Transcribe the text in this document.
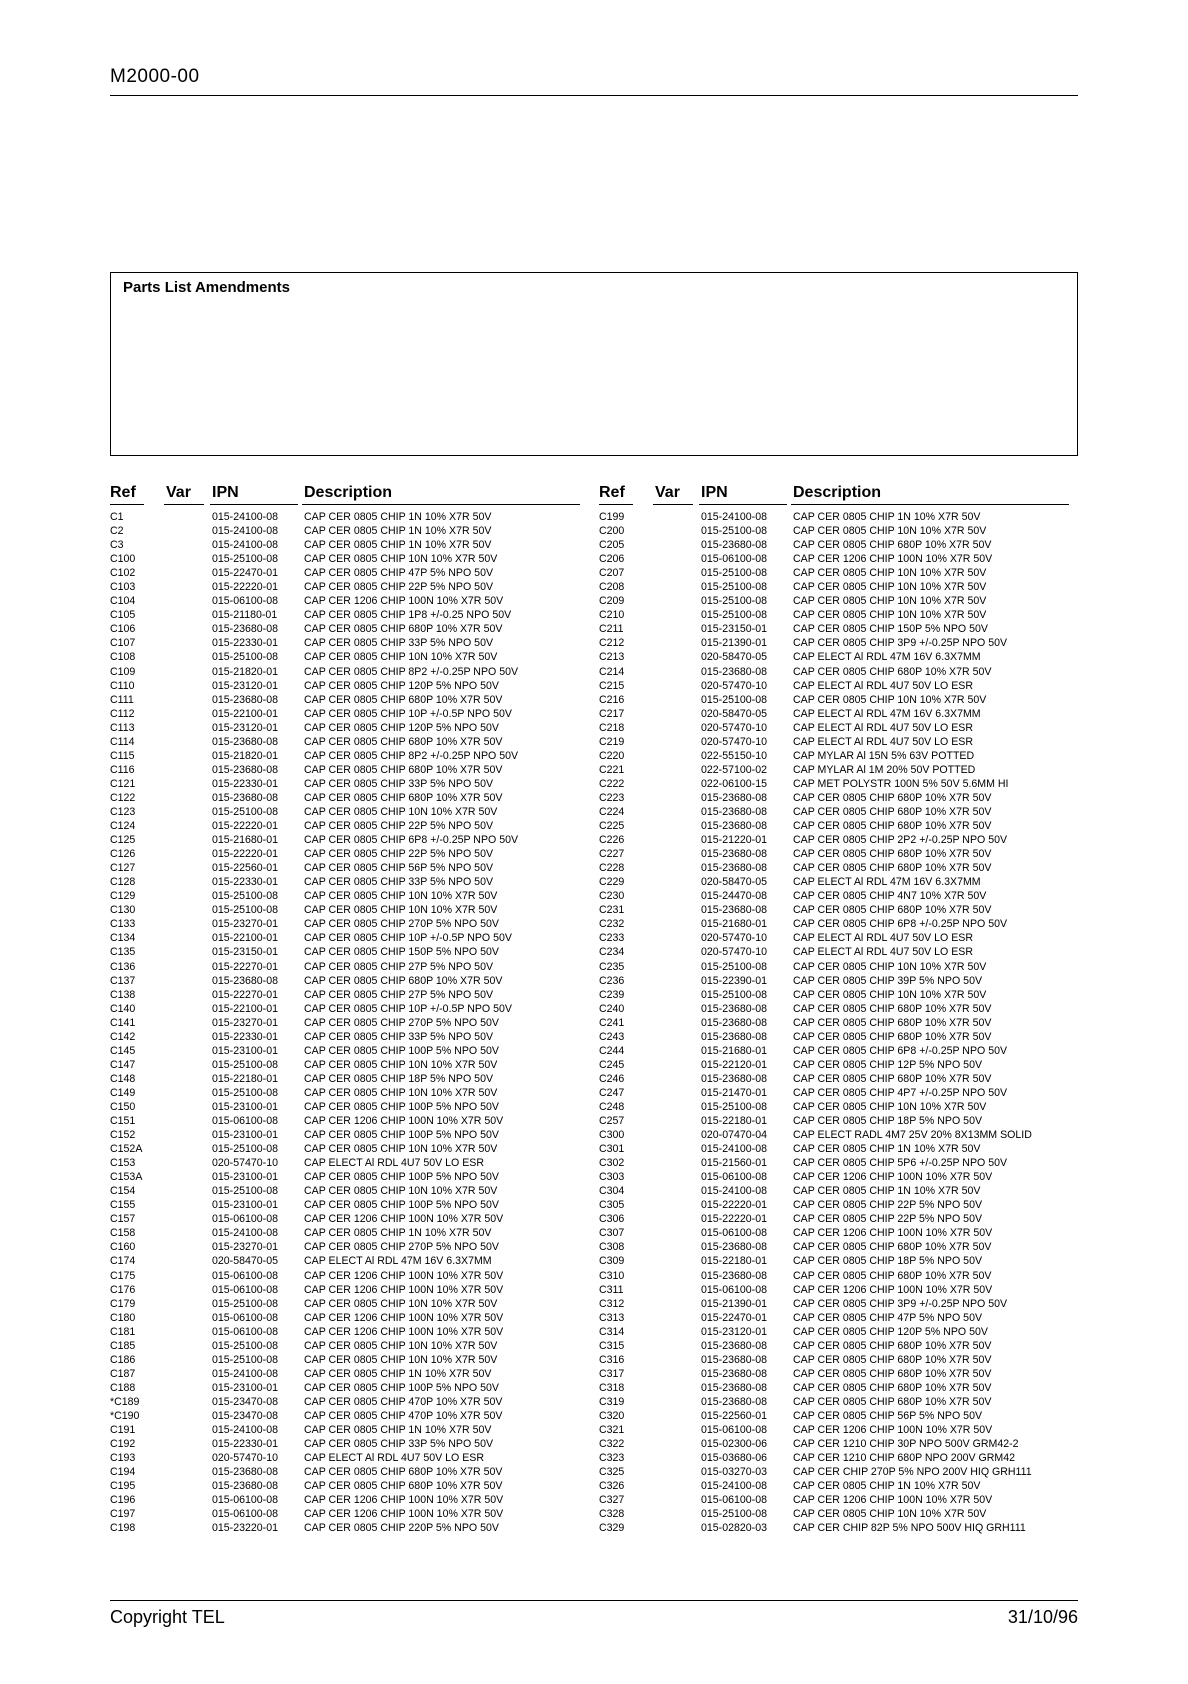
M2000-00
Parts List Amendments
Ref Var IPN	Description
C1	015-24100-08 CAP CER 0805 CHIP 1N 10% X7R 50V
C2	015-24100-08 CAP CER 0805 CHIP 1N 10% X7R 50V
C3	015-24100-08 CAP CER 0805 CHIP 1N 10% X7R 50V
C100	015-25100-08 CAP CER 0805 CHIP 10N 10% X7R 50V
C102	015-22470-01 CAP CER 0805 CHIP 47P 5% NPO 50V
C103	015-22220-01 CAP CER 0805 CHIP 22P 5% NPO 50V
C104	015-06100-08 CAP CER 1206 CHIP 100N 10% X7R 50V
C105	015-21180-01	CAP CER 0805 CHIP 1P8 +/-0.25 NPO 50V
C106	015-23680-08 CAP CER 0805 CHIP 680P 10% X7R 50V
C107	015-22330-01 CAP CER 0805 CHIP 33P 5% NPO 50V
C108	015-25100-08 CAP CER 0805 CHIP 10N 10% X7R 50V
C109	015-21820-01 CAP CER 0805 CHIP 8P2 +/-0.25P NPO 50V
C110	015-23120-01 CAP CER 0805 CHIP 120P 5% NPO 50V
C111	015-23680-08 CAP CER 0805 CHIP 680P 10% X7R 50V
C112	015-22100-01 CAP CER 0805 CHIP 10P +/-0.5P NPO 50V
C113	015-23120-01 CAP CER 0805 CHIP 120P 5% NPO 50V
C114	015-23680-08 CAP CER 0805 CHIP 680P 10% X7R 50V
C115	015-21820-01 CAP CER 0805 CHIP 8P2 +/-0.25P NPO 50V
C116	015-23680-08 CAP CER 0805 CHIP 680P 10% X7R 50V
C121	015-22330-01 CAP CER 0805 CHIP 33P 5% NPO 50V
C122	015-23680-08 CAP CER 0805 CHIP 680P 10% X7R 50V
C123	015-25100-08 CAP CER 0805 CHIP 10N 10% X7R 50V
C124	015-22220-01 CAP CER 0805 CHIP 22P 5% NPO 50V
C125	015-21680-01 CAP CER 0805 CHIP 6P8 +/-0.25P NPO 50V
C126	015-22220-01 CAP CER 0805 CHIP 22P 5% NPO 50V
C127	015-22560-01 CAP CER 0805 CHIP 56P 5% NPO 50V
C128	015-22330-01 CAP CER 0805 CHIP 33P 5% NPO 50V
C129	015-25100-08 CAP CER 0805 CHIP 10N 10% X7R 50V
C130	015-25100-08 CAP CER 0805 CHIP 10N 10% X7R 50V
C133	015-23270-01 CAP CER 0805 CHIP 270P 5% NPO 50V
C134	015-22100-01 CAP CER 0805 CHIP 10P +/-0.5P NPO 50V
C135	015-23150-01 CAP CER 0805 CHIP 150P 5% NPO 50V
C136	015-22270-01 CAP CER 0805 CHIP 27P 5% NPO 50V
C137	015-23680-08 CAP CER 0805 CHIP 680P 10% X7R 50V
C138	015-22270-01 CAP CER 0805 CHIP 27P 5% NPO 50V
C140	015-22100-01 CAP CER 0805 CHIP 10P +/-0.5P NPO 50V
C141	015-23270-01 CAP CER 0805 CHIP 270P 5% NPO 50V
C142	015-22330-01 CAP CER 0805 CHIP 33P 5% NPO 50V
C145	015-23100-01 CAP CER 0805 CHIP 100P 5% NPO 50V
C147	015-25100-08 CAP CER 0805 CHIP 10N 10% X7R 50V
C148	015-22180-01 CAP CER 0805 CHIP 18P 5% NPO 50V
C149	015-25100-08 CAP CER 0805 CHIP 10N 10% X7R 50V
C150	015-23100-01 CAP CER 0805 CHIP 100P 5% NPO 50V
C151	015-06100-08 CAP CER 1206 CHIP 100N 10% X7R 50V
C152	015-23100-01 CAP CER 0805 CHIP 100P 5% NPO 50V
C152A	015-25100-08 CAP CER 0805 CHIP 10N 10% X7R 50V
C153	020-57470-10 CAP ELECT Al RDL 4U7 50V LO ESR
C153A	015-23100-01 CAP CER 0805 CHIP 100P 5% NPO 50V
C154	015-25100-08 CAP CER 0805 CHIP 10N 10% X7R 50V
C155	015-23100-01 CAP CER 0805 CHIP 100P 5% NPO 50V
C157	015-06100-08 CAP CER 1206 CHIP 100N 10% X7R 50V
C158	015-24100-08 CAP CER 0805 CHIP 1N 10% X7R 50V
C160	015-23270-01 CAP CER 0805 CHIP 270P 5% NPO 50V
C174	020-58470-05 CAP ELECT Al RDL 47M 16V 6.3X7MM
C175	015-06100-08 CAP CER 1206 CHIP 100N 10% X7R 50V
C176	015-06100-08 CAP CER 1206 CHIP 100N 10% X7R 50V
C179	015-25100-08 CAP CER 0805 CHIP 10N 10% X7R 50V
C180	015-06100-08 CAP CER 1206 CHIP 100N 10% X7R 50V
C181	015-06100-08 CAP CER 1206 CHIP 100N 10% X7R 50V
C185	015-25100-08 CAP CER 0805 CHIP 10N 10% X7R 50V
C186	015-25100-08 CAP CER 0805 CHIP 10N 10% X7R 50V
C187	015-24100-08 CAP CER 0805 CHIP 1N 10% X7R 50V
C188	015-23100-01 CAP CER 0805 CHIP 100P 5% NPO 50V
*C189	015-23470-08 CAP CER 0805 CHIP 470P 10% X7R 50V
*C190	015-23470-08 CAP CER 0805 CHIP 470P 10% X7R 50V
C191	015-24100-08 CAP CER 0805 CHIP 1N 10% X7R 50V
C192	015-22330-01 CAP CER 0805 CHIP 33P 5% NPO 50V
C193	020-57470-10 CAP ELECT Al RDL 4U7 50V LO ESR
C194	015-23680-08 CAP CER 0805 CHIP 680P 10% X7R 50V
C195	015-23680-08 CAP CER 0805 CHIP 680P 10% X7R 50V
C196	015-06100-08 CAP CER 1206 CHIP 100N 10% X7R 50V
C197	015-06100-08 CAP CER 1206 CHIP 100N 10% X7R 50V
C198	015-23220-01 CAP CER 0805 CHIP 220P 5% NPO 50V
Ref Var IPN	Description
C199	015-24100-08 CAP CER 0805 CHIP 1N 10% X7R 50V
C200	015-25100-08 CAP CER 0805 CHIP 10N 10% X7R 50V
C205	015-23680-08 CAP CER 0805 CHIP 680P 10% X7R 50V
C206	015-06100-08 CAP CER 1206 CHIP 100N 10% X7R 50V
C207	015-25100-08 CAP CER 0805 CHIP 10N 10% X7R 50V
C208	015-25100-08 CAP CER 0805 CHIP 10N 10% X7R 50V
C209	015-25100-08 CAP CER 0805 CHIP 10N 10% X7R 50V
C210	015-25100-08 CAP CER 0805 CHIP 10N 10% X7R 50V
C211	015-23150-01 CAP CER 0805 CHIP 150P 5% NPO 50V
C212	015-21390-01 CAP CER 0805 CHIP 3P9 +/-0.25P NPO 50V
C213	020-58470-05 CAP ELECT Al RDL 47M 16V 6.3X7MM
C214	015-23680-08 CAP CER 0805 CHIP 680P 10% X7R 50V
C215	020-57470-10 CAP ELECT Al RDL 4U7 50V LO ESR
C216	015-25100-08 CAP CER 0805 CHIP 10N 10% X7R 50V
C217	020-58470-05 CAP ELECT Al RDL 47M 16V 6.3X7MM
C218	020-57470-10 CAP ELECT Al RDL 4U7 50V LO ESR
C219	020-57470-10 CAP ELECT Al RDL 4U7 50V LO ESR
C220	022-55150-10 CAP MYLAR Al 15N 5% 63V POTTED
C221	022-57100-02 CAP MYLAR Al 1M 20% 50V POTTED
C222	022-06100-15 CAP MET POLYSTR 100N 5% 50V 5.6MM HI
C223	015-23680-08 CAP CER 0805 CHIP 680P 10% X7R 50V
C224	015-23680-08 CAP CER 0805 CHIP 680P 10% X7R 50V
C225	015-23680-08 CAP CER 0805 CHIP 680P 10% X7R 50V
C226	015-21220-01 CAP CER 0805 CHIP 2P2 +/-0.25P NPO 50V
C227	015-23680-08 CAP CER 0805 CHIP 680P 10% X7R 50V
C228	015-23680-08 CAP CER 0805 CHIP 680P 10% X7R 50V
C229	020-58470-05 CAP ELECT Al RDL 47M 16V 6.3X7MM
C230	015-24470-08 CAP CER 0805 CHIP 4N7 10% X7R 50V
C231	015-23680-08 CAP CER 0805 CHIP 680P 10% X7R 50V
C232	015-21680-01 CAP CER 0805 CHIP 6P8 +/-0.25P NPO 50V
C233	020-57470-10 CAP ELECT Al RDL 4U7 50V LO ESR
C234	020-57470-10 CAP ELECT Al RDL 4U7 50V LO ESR
C235	015-25100-08 CAP CER 0805 CHIP 10N 10% X7R 50V
C236	015-22390-01 CAP CER 0805 CHIP 39P 5% NPO 50V
C239	015-25100-08 CAP CER 0805 CHIP 10N 10% X7R 50V
C240	015-23680-08 CAP CER 0805 CHIP 680P 10% X7R 50V
C241	015-23680-08 CAP CER 0805 CHIP 680P 10% X7R 50V
C243	015-23680-08 CAP CER 0805 CHIP 680P 10% X7R 50V
C244	015-21680-01 CAP CER 0805 CHIP 6P8 +/-0.25P NPO 50V
C245	015-22120-01 CAP CER 0805 CHIP 12P 5% NPO 50V
C246	015-23680-08 CAP CER 0805 CHIP 680P 10% X7R 50V
C247	015-21470-01 CAP CER 0805 CHIP 4P7 +/-0.25P NPO 50V
C248	015-25100-08 CAP CER 0805 CHIP 10N 10% X7R 50V
C257	015-22180-01 CAP CER 0805 CHIP 18P 5% NPO 50V
C300	020-07470-04 CAP ELECT RADL 4M7 25V 20% 8X13MM SOLID
C301	015-24100-08 CAP CER 0805 CHIP 1N 10% X7R 50V
C302	015-21560-01 CAP CER 0805 CHIP 5P6 +/-0.25P NPO 50V
C303	015-06100-08 CAP CER 1206 CHIP 100N 10% X7R 50V
C304	015-24100-08 CAP CER 0805 CHIP 1N 10% X7R 50V
C305	015-22220-01 CAP CER 0805 CHIP 22P 5% NPO 50V
C306	015-22220-01 CAP CER 0805 CHIP 22P 5% NPO 50V
C307	015-06100-08 CAP CER 1206 CHIP 100N 10% X7R 50V
C308	015-23680-08 CAP CER 0805 CHIP 680P 10% X7R 50V
C309	015-22180-01 CAP CER 0805 CHIP 18P 5% NPO 50V
C310	015-23680-08 CAP CER 0805 CHIP 680P 10% X7R 50V
C311	015-06100-08 CAP CER 1206 CHIP 100N 10% X7R 50V
C312	015-21390-01 CAP CER 0805 CHIP 3P9 +/-0.25P NPO 50V
C313	015-22470-01 CAP CER 0805 CHIP 47P 5% NPO 50V
C314	015-23120-01 CAP CER 0805 CHIP 120P 5% NPO 50V
C315	015-23680-08 CAP CER 0805 CHIP 680P 10% X7R 50V
C316	015-23680-08 CAP CER 0805 CHIP 680P 10% X7R 50V
C317	015-23680-08 CAP CER 0805 CHIP 680P 10% X7R 50V
C318	015-23680-08 CAP CER 0805 CHIP 680P 10% X7R 50V
C319	015-23680-08 CAP CER 0805 CHIP 680P 10% X7R 50V
C320	015-22560-01 CAP CER 0805 CHIP 56P 5% NPO 50V
C321	015-06100-08 CAP CER 1206 CHIP 100N 10% X7R 50V
C322	015-02300-06 CAP CER 1210 CHIP 30P NPO 500V GRM42-2
C323	015-03680-06 CAP CER 1210 CHIP 680P NPO 200V GRM42
C325	015-03270-03 CAP CER CHIP 270P 5% NPO 200V HIQ GRH111
C326	015-24100-08 CAP CER 0805 CHIP 1N 10% X7R 50V
C327	015-06100-08 CAP CER 1206 CHIP 100N 10% X7R 50V
C328	015-25100-08 CAP CER 0805 CHIP 10N 10% X7R 50V
C329	015-02820-03 CAP CER CHIP 82P 5% NPO 500V HIQ GRH111
Copyright TEL	31/10/96
